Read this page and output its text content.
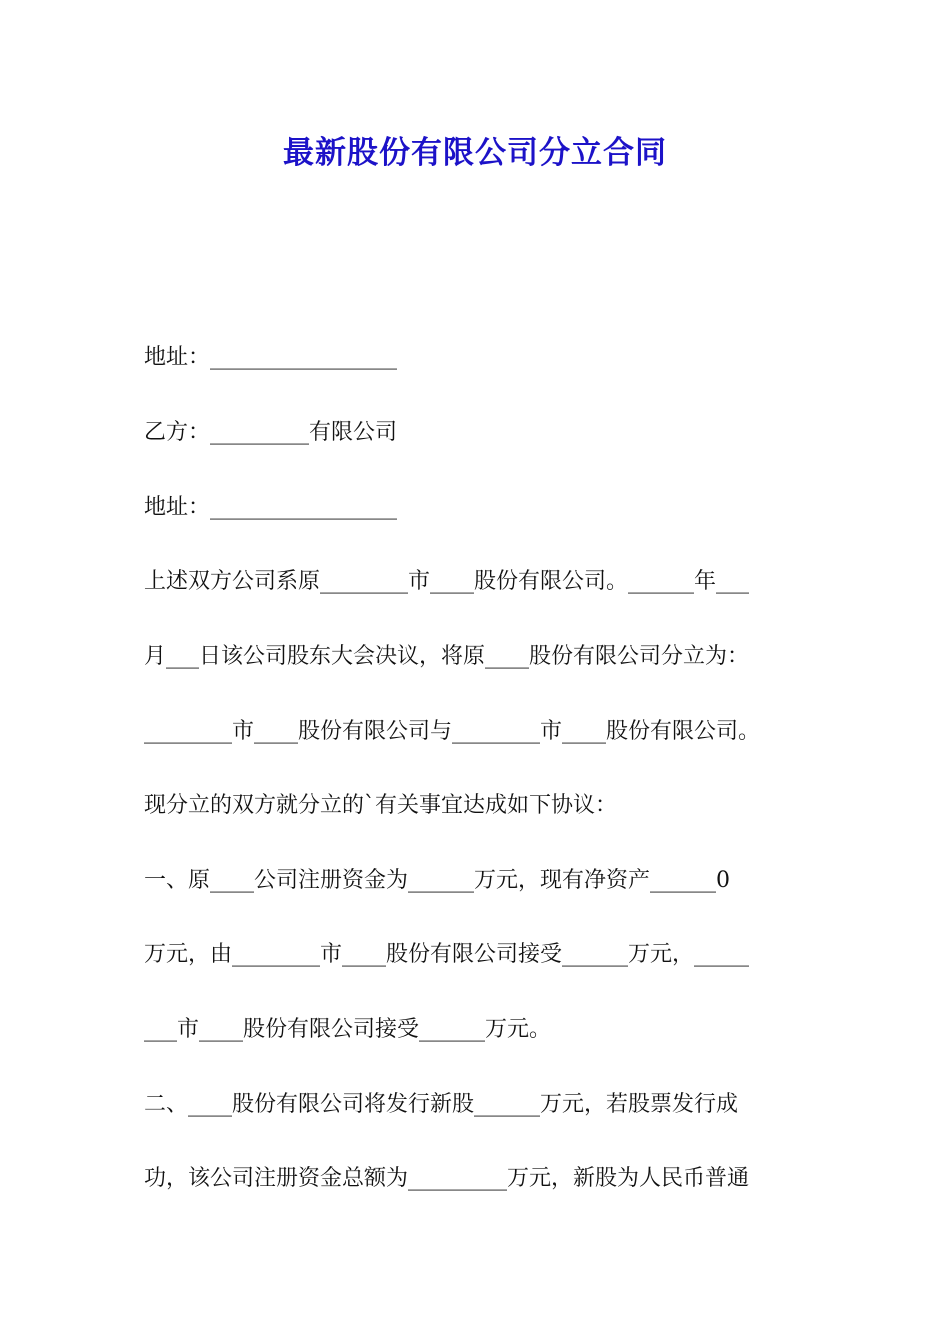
最新股份有限公司分立合同
地址：_________________
乙方：_________有限公司
地址：_________________
上述双方公司系原________市____股份有限公司。______年___
月___日该公司股东大会决议，将原____股份有限公司分立为：
________市____股份有限公司与________市____股份有限公司。
现分立的双方就分立的`有关事宜达成如下协议：
一、原____公司注册资金为______万元，现有净资产______0
万元，由________市____股份有限公司接受______万元，_____
___市____股份有限公司接受______万元。
二、____股份有限公司将发行新股______万元，若股票发行成
功，该公司注册资金总额为_________万元，新股为人民币普通
